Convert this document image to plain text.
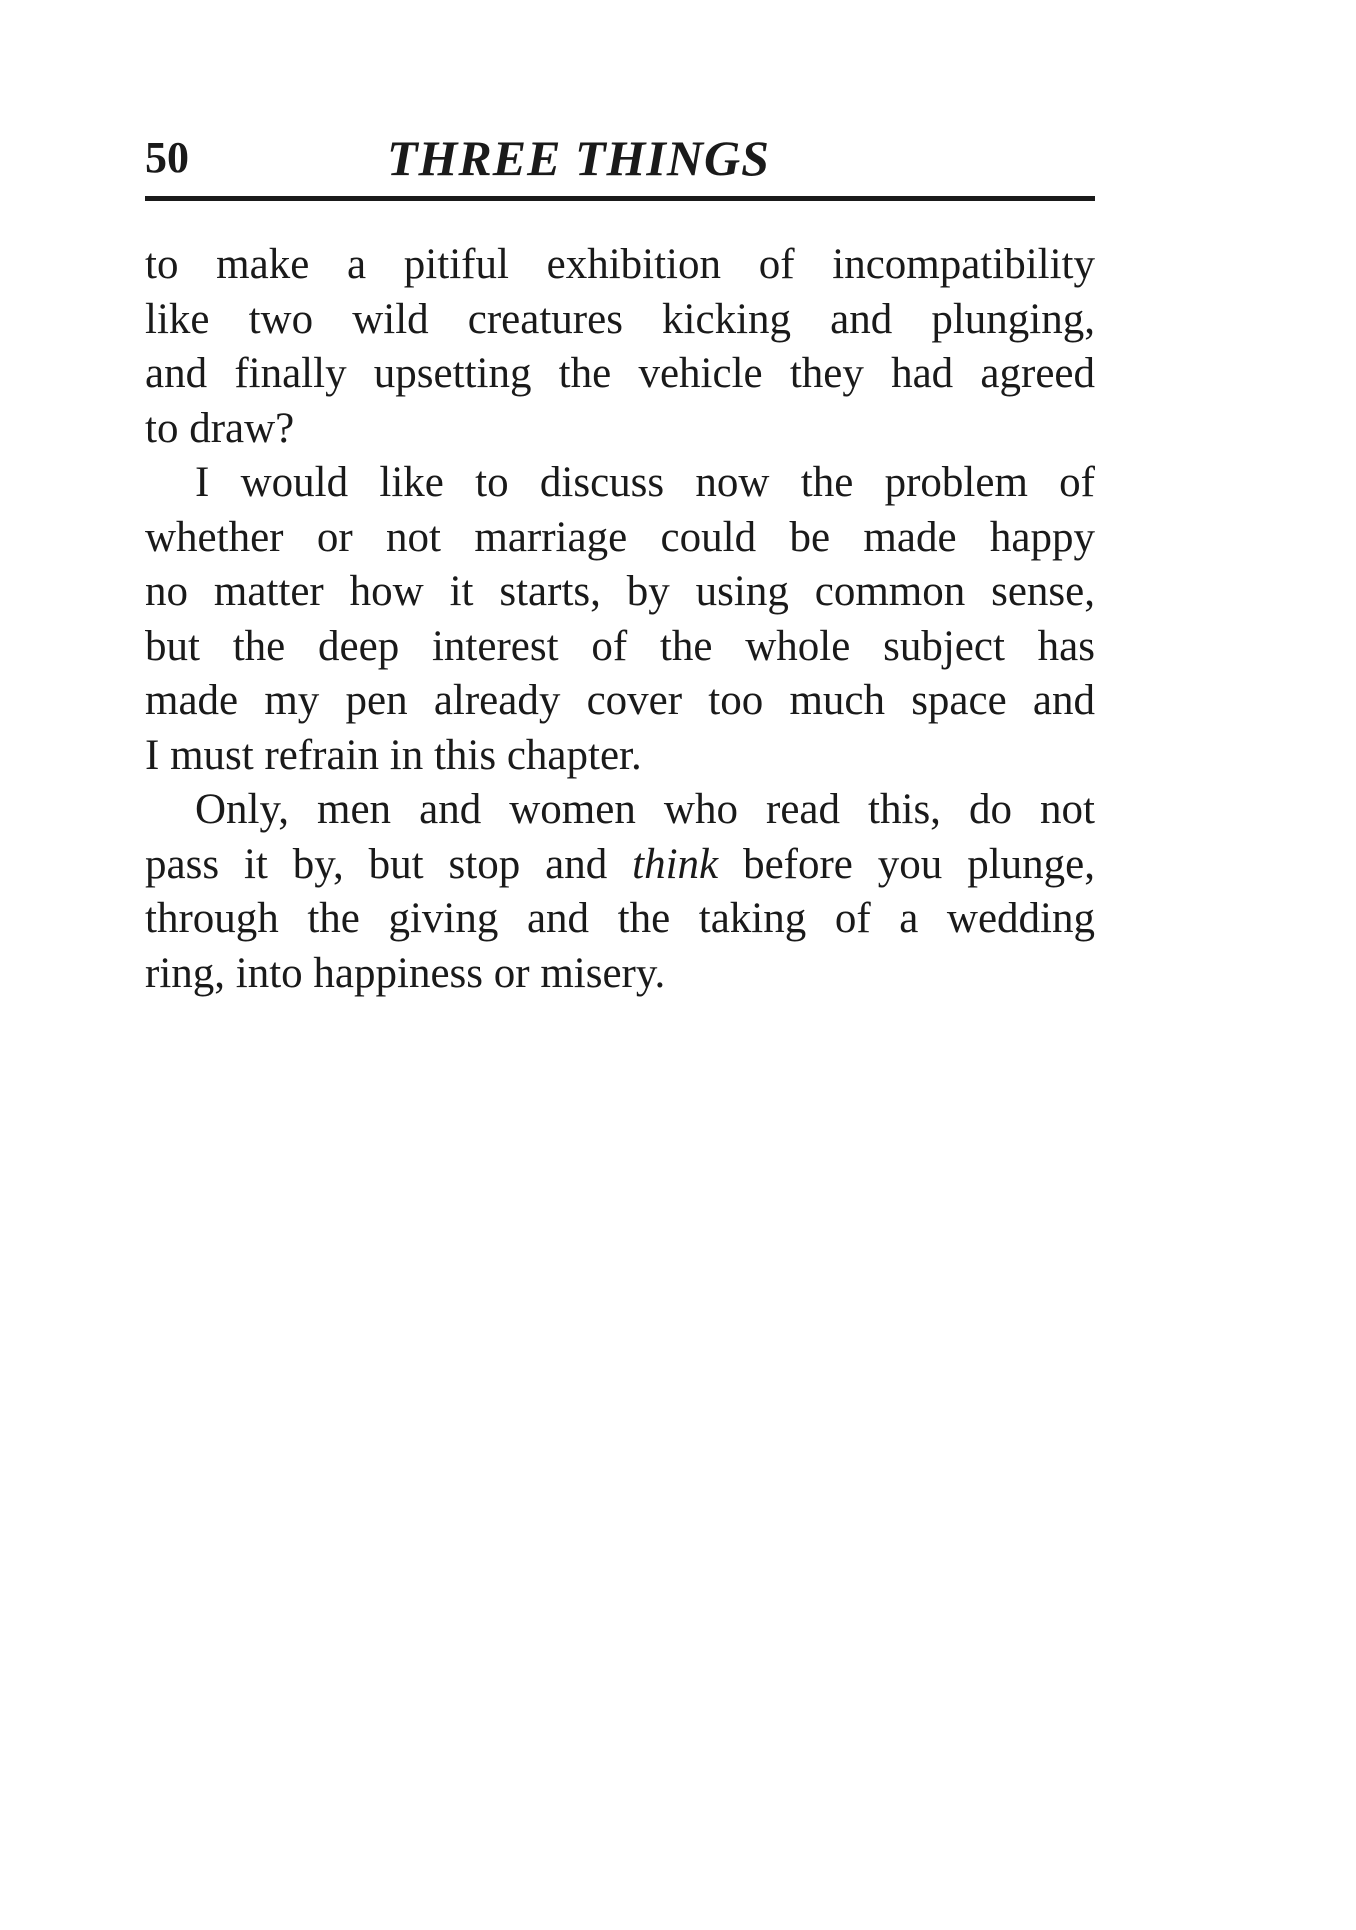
50	THREE THINGS

to make a pitiful exhibition of incompatibility
like two wild creatures kicking and plunging,
and finally upsetting the vehicle they had agreed
to draw?

I would like to discuss now the problem of
whether or not marriage could be made happy
no matter how it starts, by using common sense,
but the deep interest of the whole subject has
made my pen already cover too much space and
I must refrain in this chapter.

Only, men and women who read this, do not
pass it by, but stop and think before you plunge,
through the giving and the taking of a wedding
ring, into happiness or misery.
